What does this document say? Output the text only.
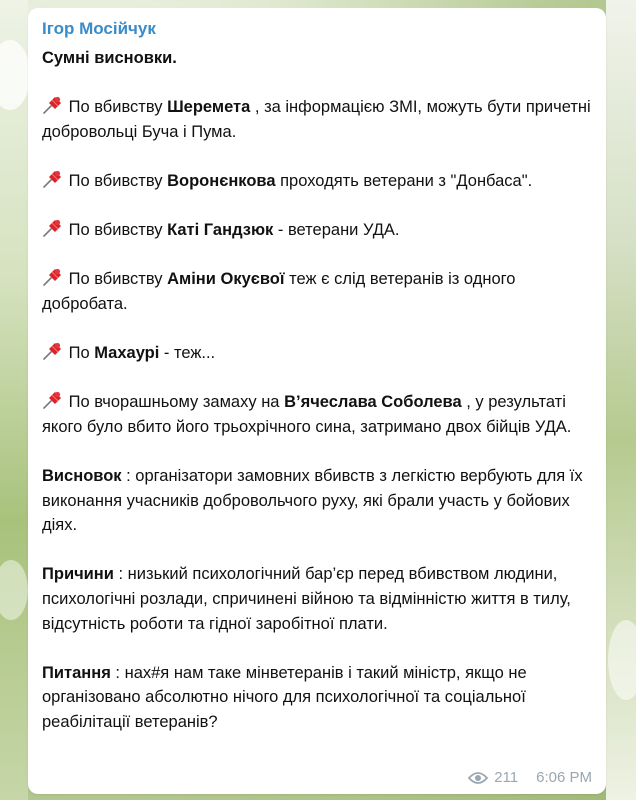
Ігор Мосійчук
Сумні висновки.
По вбивству Шеремета , за інформацією ЗМІ, можуть бути причетні добровольці Буча і Пума.
По вбивству Воронєнкова проходять ветерани з "Донбаса".
По вбивству Каті Гандзюк - ветерани УДА.
По вбивству Аміни Окуєвої теж є слід ветеранів із одного добробата.
По Махаурі - теж...
По вчорашньому замаху на В’ячеслава Соболева , у результаті якого було вбито його трьохрічного сина, затримано двох бійців УДА.
Висновок : організатори замовних вбивств з легкістю вербують для їх виконання учасників добровольчого руху, які брали участь у бойових діях.
Причини : низький психологічний бар’єр перед вбивством людини, психологічні розлади, спричинені війною та відмінністю життя в тилу, відсутність роботи та гідної заробітної плати.
Питання : нах#я нам таке мінветеранів і такий міністр, якщо не організовано абсолютно нічого для психологічної та соціальної реабілітації ветеранів?
211 6:06 PM
